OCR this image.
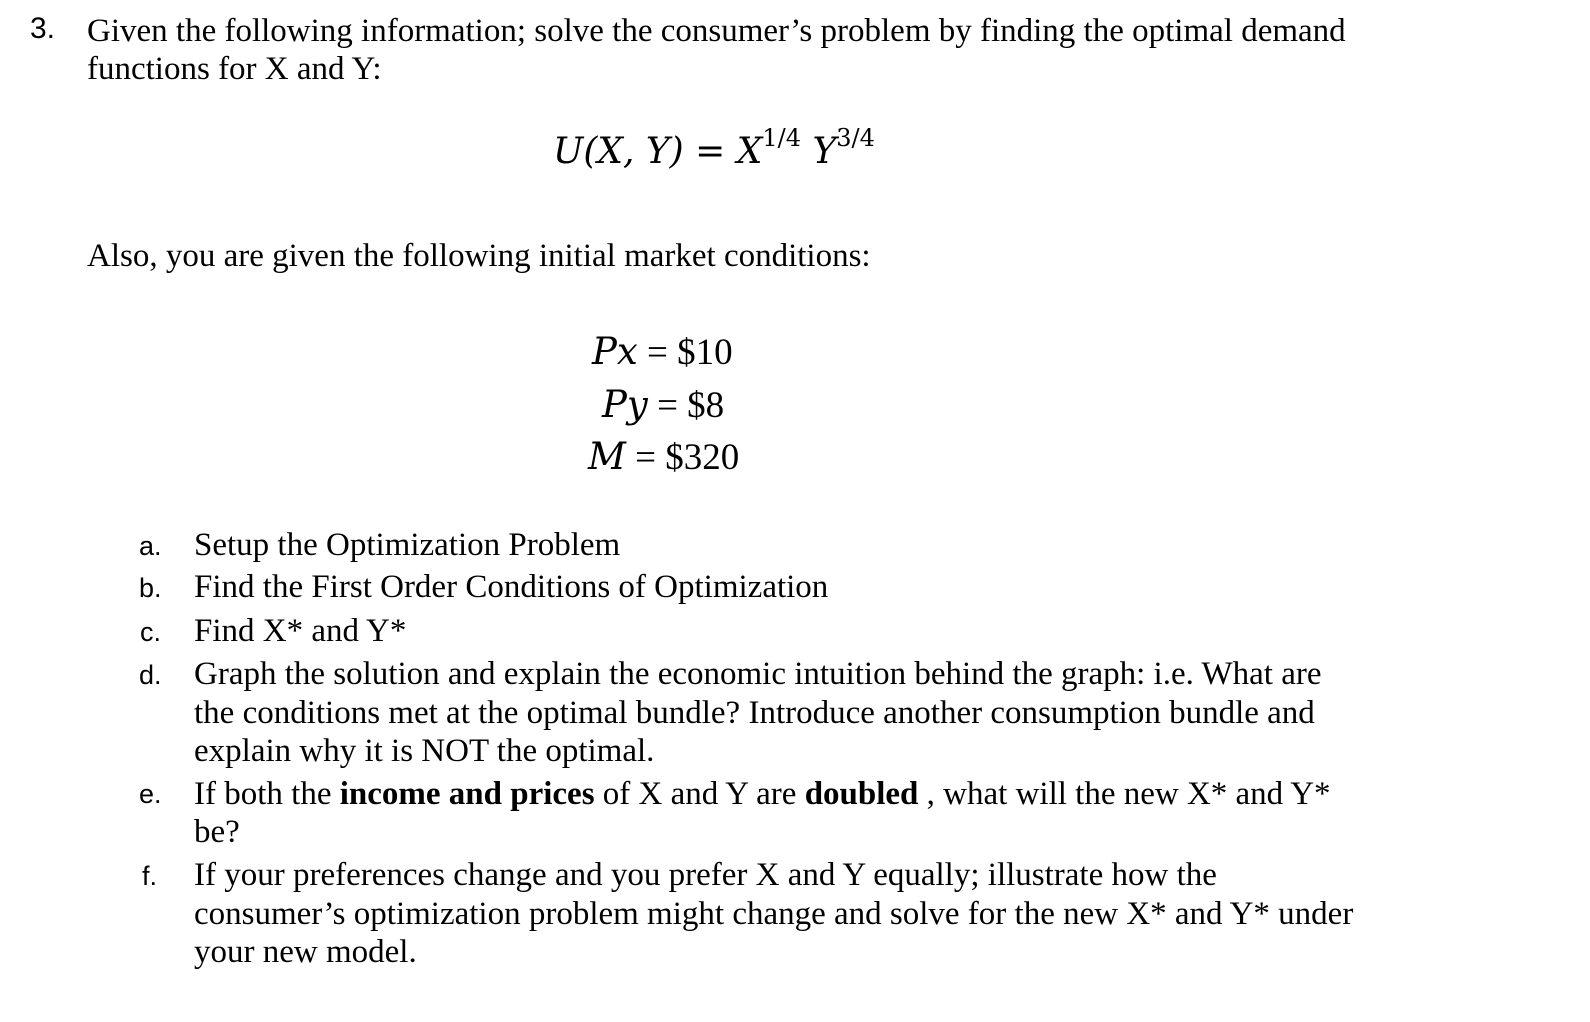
3. Given the following information; solve the consumer’s problem by finding the optimal demand
functions for X and Y:
U(X, $Y) = X^{1/4}$ $Y^{3/4}$
Also, you are given the following initial market conditions:
Px = $10
Py = $8
M = $320
a. Setup the Optimization Problem
b. Find the First Order Conditions of Optimization
c. Find X* and Y*
d. Graph the solution and explain the economic intuition behind the graph: i.e. What are
the conditions met at the optimal bundle? Introduce another consumption bundle and
explain why it is NOT the optimal.
e. If both the income and prices of X and Y are doubled , what will the new X* and Y*
be?
f. If your preferences change and you prefer X and Y equally; illustrate how the
consumer’s optimization problem might change and solve for the new X* and Y* under
your new model.
